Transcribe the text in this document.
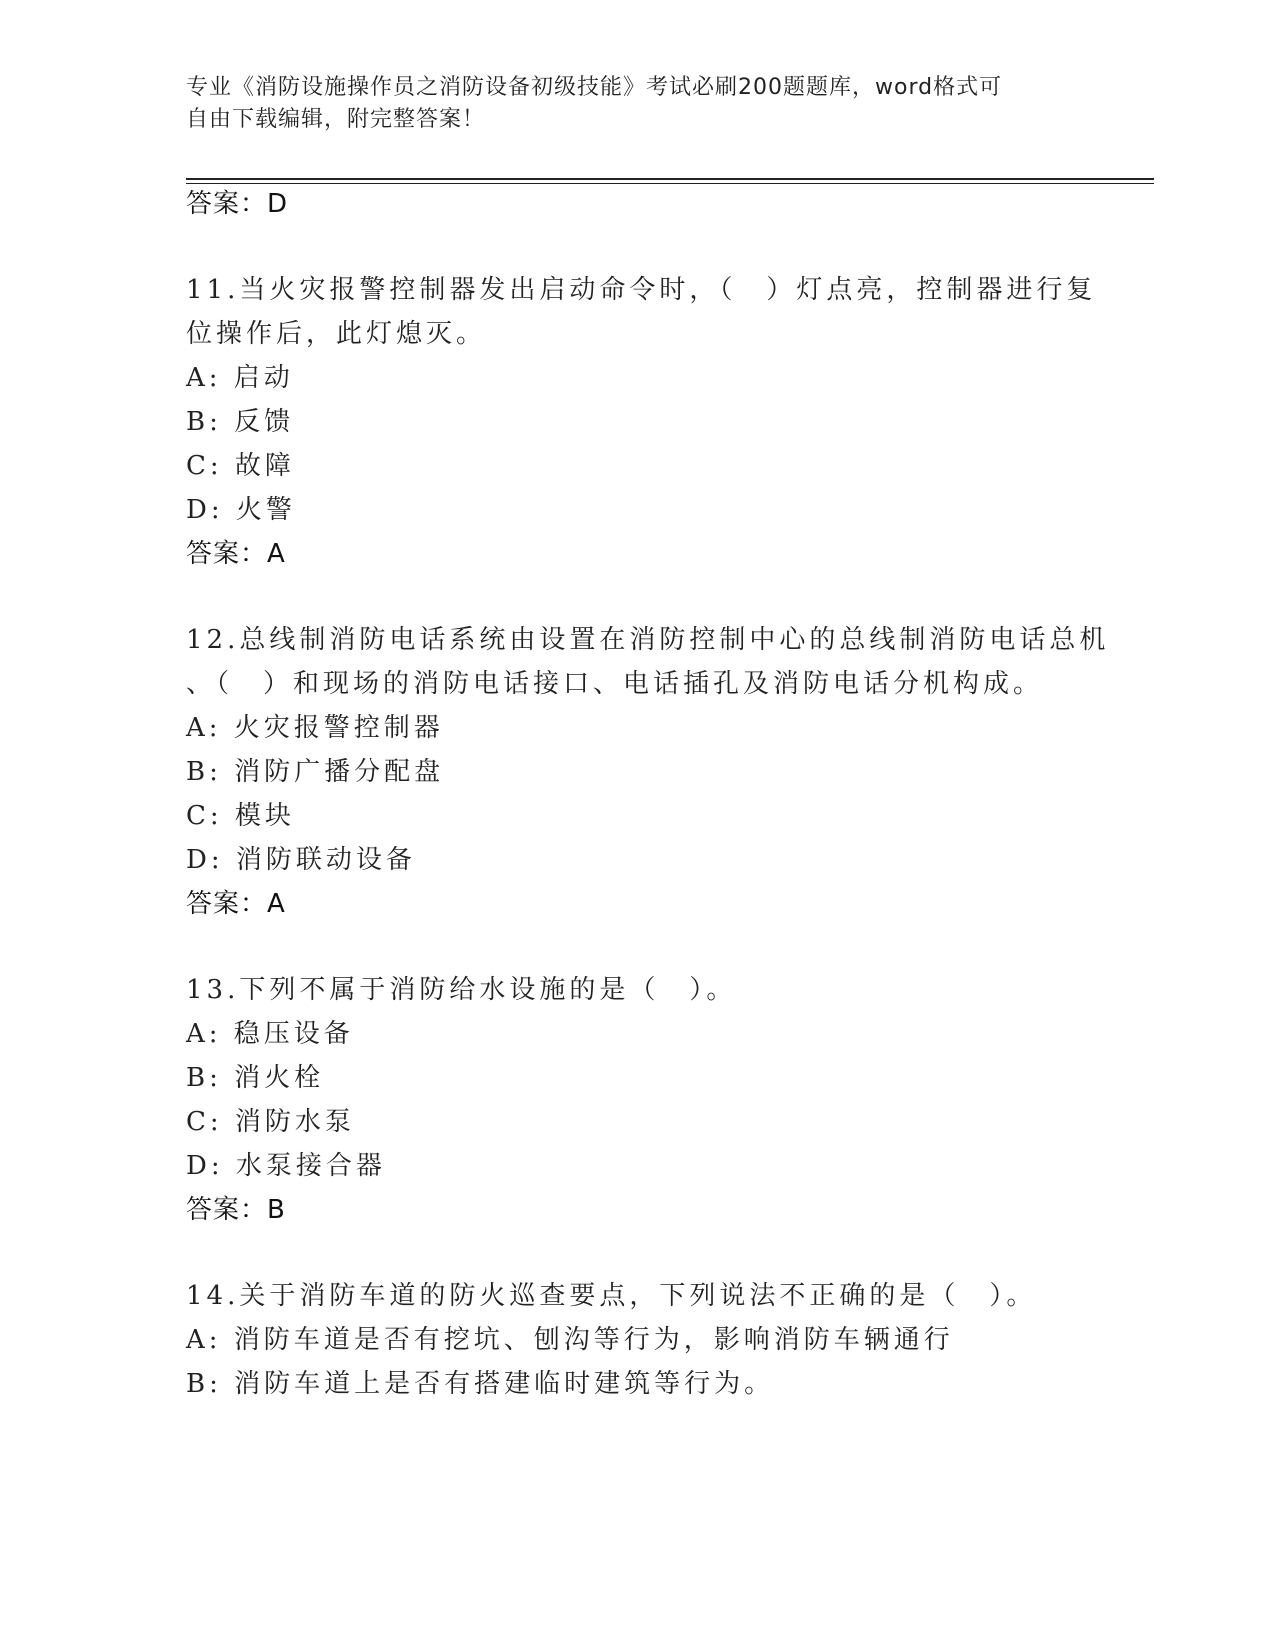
专业《消防设施操作员之消防设备初级技能》考试必刷200题题库，word格式可
自由下载编辑，附完整答案！
答案：D
11.当火灾报警控制器发出启动命令时，（　）灯点亮，控制器进行复
位操作后，此灯熄灭。
A: 启动
B: 反馈
C: 故障
D: 火警
答案：A
12.总线制消防电话系统由设置在消防控制中心的总线制消防电话总机
、（　）和现场的消防电话接口、电话插孔及消防电话分机构成。
A: 火灾报警控制器
B: 消防广播分配盘
C: 模块
D: 消防联动设备
答案：A
13.下列不属于消防给水设施的是（　）。
A: 稳压设备
B: 消火栓
C: 消防水泵
D: 水泵接合器
答案：B
14.关于消防车道的防火巡查要点，下列说法不正确的是（　）。
A: 消防车道是否有挖坑、刨沟等行为，影响消防车辆通行
B: 消防车道上是否有搭建临时建筑等行为。
